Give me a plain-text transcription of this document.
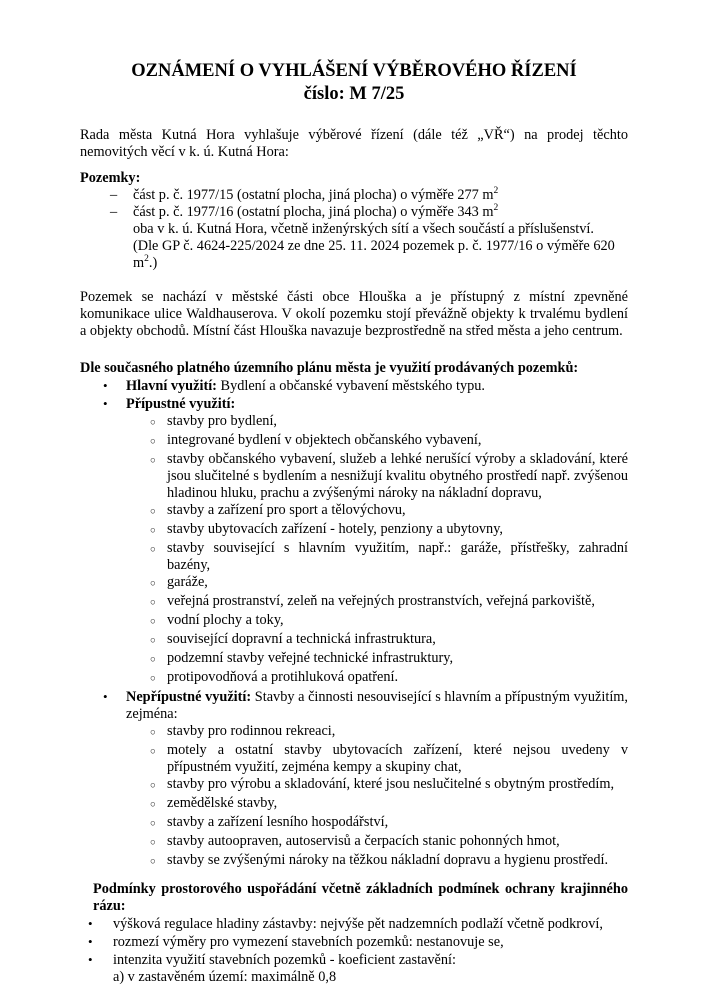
OZNÁMENÍ O VYHLÁŠENÍ VÝBĚROVÉHO ŘÍZENÍ
číslo: M 7/25

Rada města Kutná Hora vyhlašuje výběrové řízení (dále též „VŘ“) na prodej těchto nemovitých věcí v k. ú. Kutná Hora:

Pozemky:
–	část p. č. 1977/15 (ostatní plocha, jiná plocha) o výměře 277 $m^2$
–	část p. č. 1977/16 (ostatní plocha, jiná plocha) o výměře 343 $m^2$
oba v k. ú. Kutná Hora, včetně inženýrských sítí a všech součástí a příslušenství.
(Dle GP č. 4624-225/2024 ze dne 25. 11. 2024 pozemek p. č. 1977/16 o výměře 620 $m^2$.)

Pozemek se nachází v městské části obce Hlouška a je přístupný z místní zpevněné komunikace ulice Waldhauserova. V okolí pozemku stojí převážně objekty k trvalému bydlení a objekty obchodů. Místní část Hlouška navazuje bezprostředně na střed města a jeho centrum.

Dle současného platného územního plánu města je využití prodávaných pozemků:
•	Hlavní využití: Bydlení a občanské vybavení městského typu.
•	Přípustné využití:
○ stavby pro bydlení,
○ integrované bydlení v objektech občanského vybavení,
○ stavby občanského vybavení, služeb a lehké nerušící výroby a skladování, které jsou slučitelné s bydlením a nesnižují kvalitu obytného prostředí např. zvýšenou hladinou hluku, prachu a zvýšenými nároky na nákladní dopravu,
○ stavby a zařízení pro sport a tělovýchovu,
○ stavby ubytovacích zařízení - hotely, penziony a ubytovny,
○ stavby související s hlavním využitím, např.: garáže, přístřešky, zahradní bazény,
○ garáže,
○ veřejná prostranství, zeleň na veřejných prostranstvích, veřejná parkoviště,
○ vodní plochy a toky,
○ související dopravní a technická infrastruktura,
○ podzemní stavby veřejné technické infrastruktury,
○ protipovodňová a protihluková opatření.
•	Nepřípustné využití: Stavby a činnosti nesouvisející s hlavním a přípustným využitím, zejména:
○ stavby pro rodinnou rekreaci,
○ motely a ostatní stavby ubytovacích zařízení, které nejsou uvedeny v přípustném využití, zejména kempy a skupiny chat,
○ stavby pro výrobu a skladování, které jsou neslučitelné s obytným prostředím,
○ zemědělské stavby,
○ stavby a zařízení lesního hospodářství,
○ stavby autoopraven, autoservisů a čerpacích stanic pohonných hmot,
○ stavby se zvýšenými nároky na těžkou nákladní dopravu a hygienu prostředí.
Podmínky prostorového uspořádání včetně základních podmínek ochrany krajinného rázu:
•	výšková regulace hladiny zástavby: nejvýše pět nadzemních podlaží včetně podkroví,
•	rozmezí výměry pro vymezení stavebních pozemků: nestanovuje se,
•	intenzita využití stavebních pozemků - koeficient zastavění:
a) v zastavěném území: maximálně 0,8
